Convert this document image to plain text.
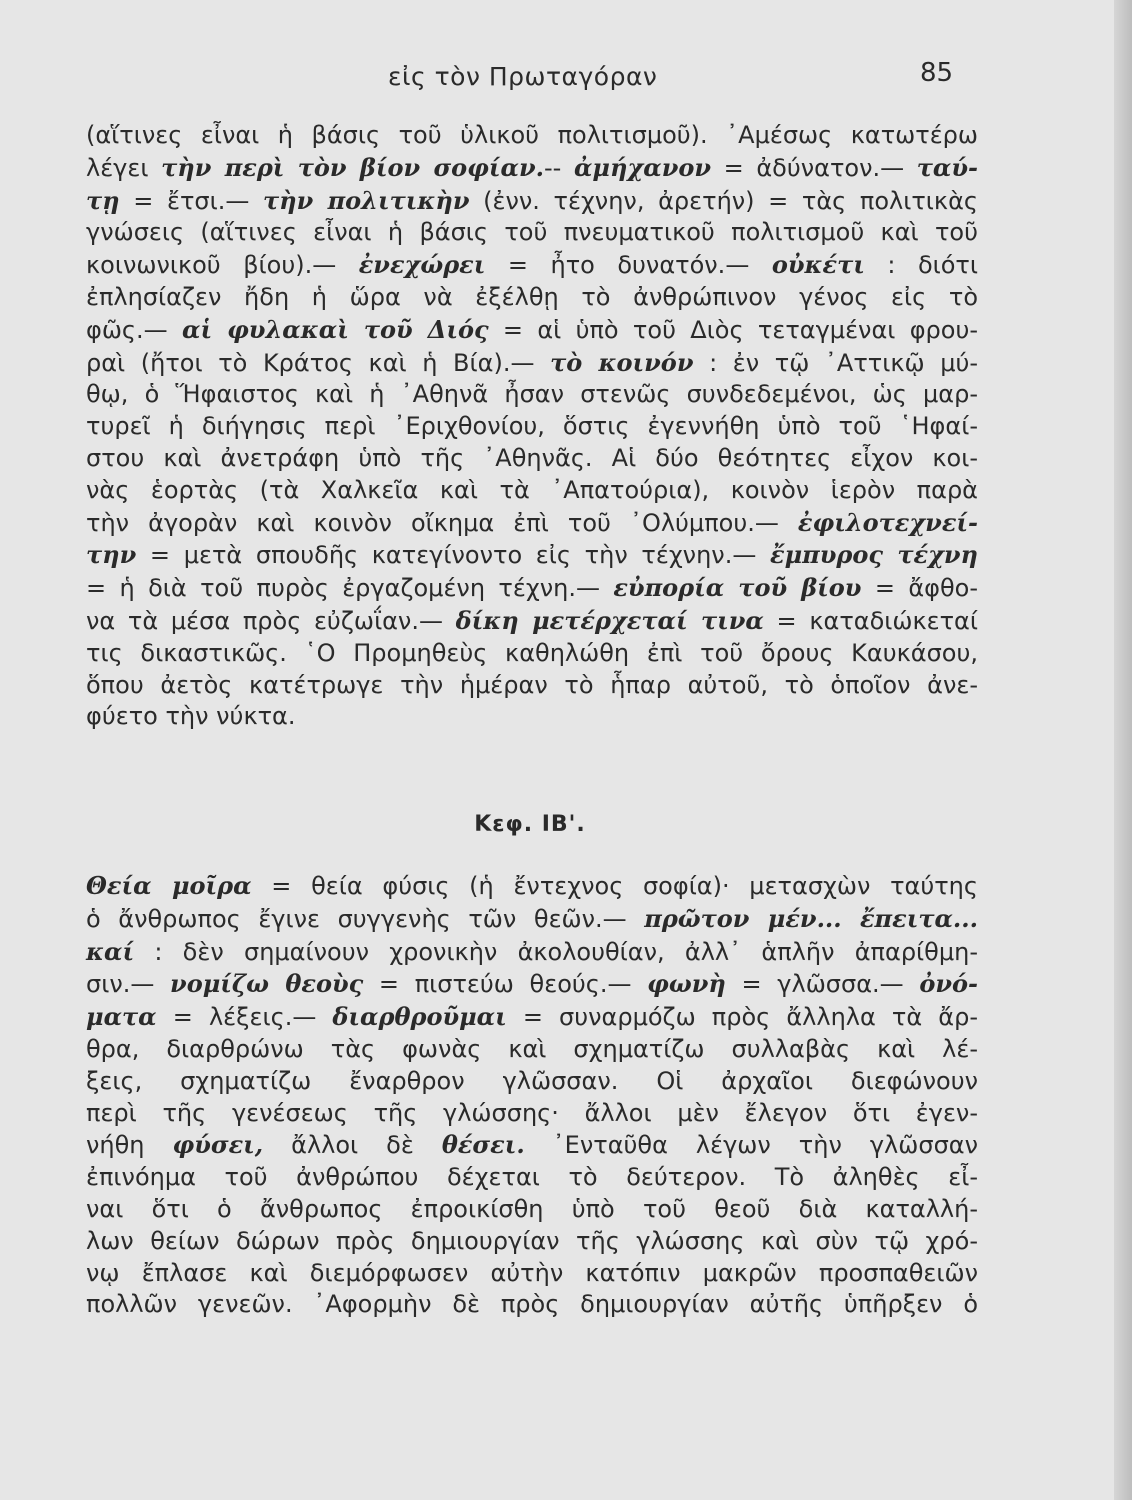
εἰς τὸν Πρωταγόραν	85
(αἵτινες εἶναι ἡ βάσις τοῦ ὑλικοῦ πολιτισμοῦ). ᾿Αμέσως κατωτέρω
λέγει τὴν περὶ τὸν βίον σοφίαν.-- ἀμήχανον = ἀδύνατον.— ταύ-
τῃ = ἔτσι.— τὴν πολιτικὴν (ἐνν. τέχνην, ἀρετήν) = τὰς πολιτικὰς
γνώσεις (αἵτινες εἶναι ἡ βάσις τοῦ πνευματικοῦ πολιτισμοῦ καὶ τοῦ
κοινωνικοῦ βίου).— ἐνεχώρει = ἦτο δυνατόν.— οὐκέτι : διότι
ἐπλησίαζεν ἤδη ἡ ὥρα νὰ ἐξέλθῃ τὸ ἀνθρώπινον γένος εἰς τὸ
φῶς.— αἱ φυλακαὶ τοῦ Διός = αἱ ὑπὸ τοῦ Διὸς τεταγμέναι φρου-
ραὶ (ἤτοι τὸ Κράτος καὶ ἡ Βία).— τὸ κοινόν : ἐν τῷ ᾿Αττικῷ μύ-
θῳ, ὁ Ἥφαιστος καὶ ἡ ᾿Αθηνᾶ ἦσαν στενῶς συνδεδεμένοι, ὡς μαρ-
τυρεῖ ἡ διήγησις περὶ ᾿Εριχθονίου, ὅστις ἐγεννήθη ὑπὸ τοῦ ῾Ηφαί-
στου καὶ ἀνετράφη ὑπὸ τῆς ᾿Αθηνᾶς. Αἱ δύο θεότητες εἶχον κοι-
νὰς ἑορτὰς (τὰ Χαλκεῖα καὶ τὰ ᾿Απατούρια), κοινὸν ἱερὸν παρὰ
τὴν ἀγορὰν καὶ κοινὸν οἴκημα ἐπὶ τοῦ ᾿Ολύμπου.— ἐφιλοτεχνεί-
την = μετὰ σπουδῆς κατεγίνοντο εἰς τὴν τέχνην.— ἔμπυρος τέχνη
= ἡ διὰ τοῦ πυρὸς ἐργαζομένη τέχνη.— εὐπορία τοῦ βίου = ἄφθο-
να τὰ μέσα πρὸς εὐζωΐαν.— δίκη μετέρχεταί τινα = καταδιώκεταί
τις δικαστικῶς. ῾Ο Προμηθεὺς καθηλώθη ἐπὶ τοῦ ὄρους Καυκάσου,
ὅπου ἀετὸς κατέτρωγε τὴν ἡμέραν τὸ ἧπαρ αὐτοῦ, τὸ ὁποῖον ἀνε-
φύετο τὴν νύκτα.
Κεφ. ΙΒ'.
Θεία μοῖρα = θεία φύσις (ἡ ἔντεχνος σοφία)· μετασχὼν ταύτης
ὁ ἄνθρωπος ἔγινε συγγενὴς τῶν θεῶν.— πρῶτον μέν... ἔπειτα...
καί : δὲν σημαίνουν χρονικὴν ἀκολουθίαν, ἀλλ᾿ ἁπλῆν ἀπαρίθμη-
σιν.— νομίζω θεοὺς = πιστεύω θεούς.— φωνὴ = γλῶσσα.— ὀνό-
ματα = λέξεις.— διαρθροῦμαι = συναρμόζω πρὸς ἄλληλα τὰ ἄρ-
θρα, διαρθρώνω τὰς φωνὰς καὶ σχηματίζω συλλαβὰς καὶ λέ-
ξεις, σχηματίζω ἔναρθρον γλῶσσαν. Οἱ ἀρχαῖοι διεφώνουν
περὶ τῆς γενέσεως τῆς γλώσσης· ἄλλοι μὲν ἔλεγον ὅτι ἐγεν-
νήθη φύσει, ἄλλοι δὲ θέσει. ᾿Ενταῦθα λέγων τὴν γλῶσσαν
ἐπινόημα τοῦ ἀνθρώπου δέχεται τὸ δεύτερον. Τὸ ἀληθὲς εἶ-
ναι ὅτι ὁ ἄνθρωπος ἐπροικίσθη ὑπὸ τοῦ θεοῦ διὰ καταλλή-
λων θείων δώρων πρὸς δημιουργίαν τῆς γλώσσης καὶ σὺν τῷ χρό-
νῳ ἔπλασε καὶ διεμόρφωσεν αὐτὴν κατόπιν μακρῶν προσπαθειῶν
πολλῶν γενεῶν. ᾿Αφορμὴν δὲ πρὸς δημιουργίαν αὐτῆς ὑπῆρξεν ὁ
